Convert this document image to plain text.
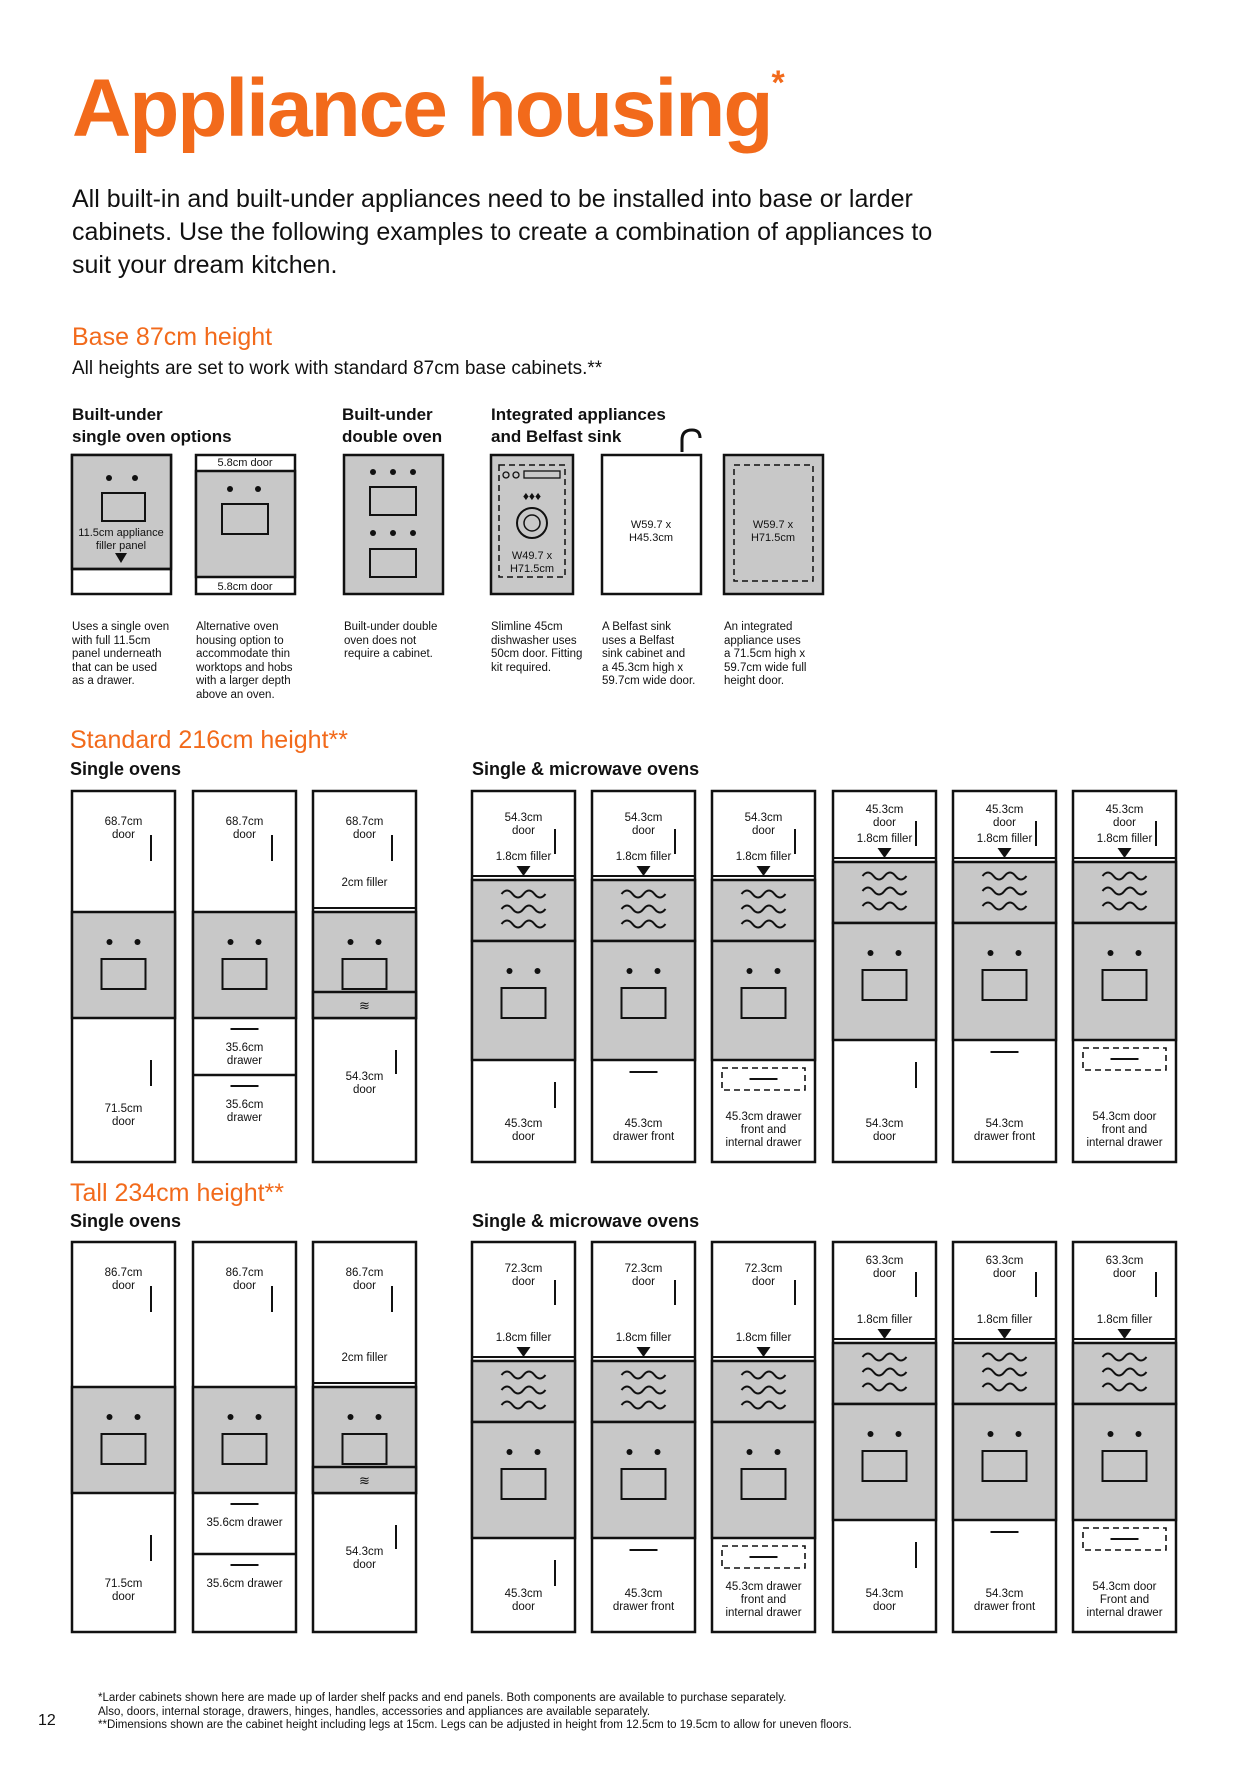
Appliance housing*
All built-in and built-under appliances need to be installed into base or larder cabinets. Use the following examples to create a combination of appliances to suit your dream kitchen.
Base 87cm height
All heights are set to work with standard 87cm base cabinets.**
Built-under
single oven options
Built-under
double oven
Integrated appliances
and Belfast sink
11.5cm appliance
filler panel
5.8cm door
5.8cm door
♦♦♦
W49.7 x
H71.5cm
W59.7 x
H45.3cm
W59.7 x
H71.5cm
Uses a single oven
with full 11.5cm
panel underneath
that can be used
as a drawer.
Alternative oven
housing option to
accommodate thin
worktops and hobs
with a larger depth
above an oven.
Built-under double
oven does not
require a cabinet.
Slimline 45cm
dishwasher uses
50cm door. Fitting
kit required.
A Belfast sink
uses a Belfast
sink cabinet and
a 45.3cm high x
59.7cm wide door.
An integrated
appliance uses
a 71.5cm high x
59.7cm wide full
height door.
Standard 216cm height**
Single ovens	Single & microwave ovens
68.7cm door
71.5cm door
68.7cm door
35.6cm drawer
35.6cm drawer
68.7cm door
2cm filler
≋
54.3cm door
1.8cm filler
54.3cm door
45.3cm door
1.8cm filler
54.3cm door
45.3cm drawer front
1.8cm filler
54.3cm door
45.3cm drawer front and internal drawer
1.8cm filler
45.3cm door
54.3cm door
1.8cm filler
45.3cm door
54.3cm drawer front
1.8cm filler
45.3cm door
54.3cm door front and internal drawer
Tall 234cm height**
Single ovens	Single & microwave ovens
86.7cm door
71.5cm door
86.7cm door
35.6cm drawer
35.6cm drawer
86.7cm door
2cm filler
≋
54.3cm door
1.8cm filler
72.3cm door
45.3cm door
1.8cm filler
72.3cm door
45.3cm drawer front
1.8cm filler
72.3cm door
45.3cm drawer front and internal drawer
1.8cm filler
63.3cm door
54.3cm door
1.8cm filler
63.3cm door
54.3cm drawer front
1.8cm filler
63.3cm door
54.3cm door Front and internal drawer
12
*Larder cabinets shown here are made up of larder shelf packs and end panels. Both components are available to purchase separately.
Also, doors, internal storage, drawers, hinges, handles, accessories and appliances are available separately.
**Dimensions shown are the cabinet height including legs at 15cm. Legs can be adjusted in height from 12.5cm to 19.5cm to allow for uneven floors.
